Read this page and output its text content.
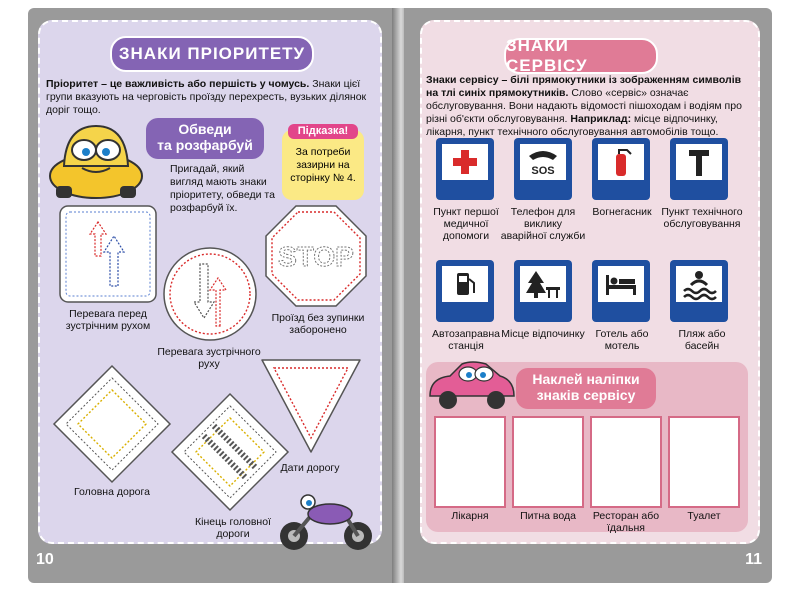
ЗНАКИ ПРІОРИТЕТУ
Пріоритет – це важливість або першість у чомусь. Знаки цієї групи вказують на черговість проїзду перехресть, вузьких ділянок доріг тощо.
Обведи
та розфарбуй
Підказка!
За потреби зазирни на сторінку № 4.
Пригадай, який вигляд мають знаки пріоритету, обведи та розфарбуй їх.
Перевага перед зустрічним рухом
Перевага зустрічного руху
STOP
Проїзд без зупинки заборонено
Головна дорога
Кінець головної дороги
Дати дорогу
10
ЗНАКИ СЕРВІСУ
Знаки сервісу – білі прямокутники із зображенням символів на тлі синіх прямокутників. Слово «сервіс» означає обслуговування. Вони надають відомості пішоходам і водіям про різні об'єкти обслуговування. Наприклад: місце відпочинку, лікарня, пункт технічного обслуговування автомобілів тощо.
SOS
Пункт першої медичної допомоги
Телефон для виклику аварійної служби
Вогнегасник Пункт технічного обслуговування
Автозаправна станція
Місце відпочинку	Готель або мотель
Пляж або басейн
Наклей наліпки
знаків сервісу
Лікарня	Питна вода	Ресторан або їдальня
Туалет
11
